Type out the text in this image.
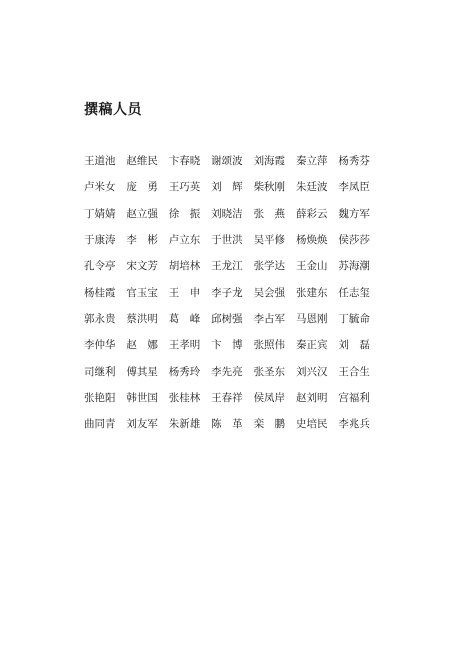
撰稿人员
王道池	赵维民	卞春晓	谢颂波	刘海霞	秦立萍	杨秀芬
卢米女	庞　勇	王巧英	刘　辉	柴秋刚	朱廷波	李凤臣
丁婧婧	赵立强	徐　振	刘晓洁	张　燕	薛彩云	魏方军
于康涛	李　彬	卢立东	于世洪	吴平修	杨焕焕	侯莎莎
孔令亭	宋文芳	胡培林	王龙江	张学达	王金山	苏海潮
杨桂霞	官玉宝	王　申	李子龙	吴会强	张建东	任志玺
郭永贵	蔡洪明	葛　峰	邱树强	李占军	马恩刚	丁毓命
李仲华	赵　娜	王孝明	卞　博	张照伟	秦正宾	刘　磊
司继利	傅其星	杨秀玲	李先亮	张圣东	刘兴汉	王合生
张艳阳	韩世国	张桂林	王春祥	侯凤岸	赵刘明	宫福利
曲同青	刘友军	朱新雄	陈　革	栾　鹏	史培民	李兆兵
